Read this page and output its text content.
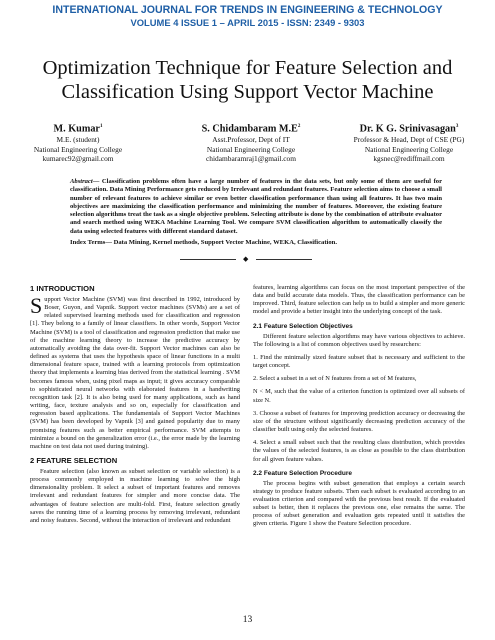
INTERNATIONAL JOURNAL FOR TRENDS IN ENGINEERING & TECHNOLOGY
VOLUME 4 ISSUE 1 – APRIL 2015 - ISSN: 2349 - 9303
Optimization Technique for Feature Selection and
Classification Using Support Vector Machine
M. Kumar$^1$
M.E. (student)
National Engineering College
kumarec92@gmail.com
S. Chidambaram $M.E^2$
Asst.Professor, Dept of IT
National Engineering College
chidambaramraj1@gmail.com
Dr. K G. Srinivasagan$^3$
Professor & Head, Dept of CSE (PG)
National Engineering College
kgsnec@rediffmail.com
Abstract— Classification problems often have a large number of features in the data sets, but only some of them are useful for classification. Data Mining Performance gets reduced by Irrelevant and redundant features. Feature selection aims to choose a small number of relevant features to achieve similar or even better classification performance than using all features. It has two main objectives are maximizing the classification performance and minimizing the number of features. Moreover, the existing feature selection algorithms treat the task as a single objective problem. Selecting attribute is done by the combination of attribute evaluator and search method using WEKA Machine Learning Tool. We compare SVM classification algorithm to automatically classify the data using selected features with different standard dataset.
Index Terms— Data Mining, Kernel methods, Support Vector Machine, WEKA, Classification.
◆
1 INTRODUCTION

Support Vector Machine (SVM) was first described in 1992, introduced by Boser, Guyon, and Vapnik. Support vector machines (SVMs) are a set of related supervised learning methods used for classification and regression [1]. They belong to a family of linear classifiers. In other words, Support Vector Machine (SVM) is a tool of classification and regression prediction that make use of the machine learning theory to increase the predictive accuracy by automatically avoiding the data over-fit. Support Vector machines can also be defined as systems that uses the hypothesis space of linear functions in a multi dimensional feature space, trained with a learning protocols from optimization theory that implements a learning bias derived from the statistical learning . SVM becomes famous when, using pixel maps as input; it gives accuracy comparable to sophisticated neural networks with elaborated features in a handwriting recognition task [2]. It is also being used for many applications, such as hand writing, face, texture analysis and so on, especially for classification and regression based applications. The fundamentals of Support Vector Machines (SVM) has been developed by Vapnik [3] and gained popularity due to many promising features such as better empirical performance. SVM attempts to minimize a bound on the generalization error (i.e., the error made by the learning machine on test data not used during training).

2 FEATURE SELECTION

Feature selection (also known as subset selection or variable selection) is a process commonly employed in machine learning to solve the high dimensionality problem. It select a subset of important features and removes irrelevant and redundant features for simpler and more concise data. The advantages of feature selection are multi-fold. First, feature selection greatly saves the running time of a learning process by removing irrelevant, redundant and noisy features. Second, without the interaction of irrelevant and redundant

features, learning algorithms can focus on the most important perspective of the data and build accurate data models. Thus, the classification performance can be improved. Third, feature selection can help us to build a simpler and more generic model and provide a better insight into the underlying concept of the task.

2.1 Feature Selection Objectives

Different feature selection algorithms may have various objectives to achieve. The following is a list of common objectives used by researchers:

1. Find the minimally sized feature subset that is necessary and sufficient to the target concept.

2. Select a subset in a set of N features from a set of M features,

N < M, such that the value of a criterion function is optimized over all subsets of size N.

3. Choose a subset of features for improving prediction accuracy or decreasing the size of the structure without significantly decreasing prediction accuracy of the classifier built using only the selected features.

4. Select a small subset such that the resulting class distribution, which provides the values of the selected features, is as close as possible to the class distribution for all given feature values.

2.2 Feature Selection Procedure

The process begins with subset generation that employs a certain search strategy to produce feature subsets. Then each subset is evaluated according to an evaluation criterion and compared with the previous best result. If the evaluated subset is better, then it replaces the previous one, else remains the same. The process of subset generation and evaluation gets repeated until it satisfies the given criteria. Figure 1 show the Feature Selection procedure.

13
